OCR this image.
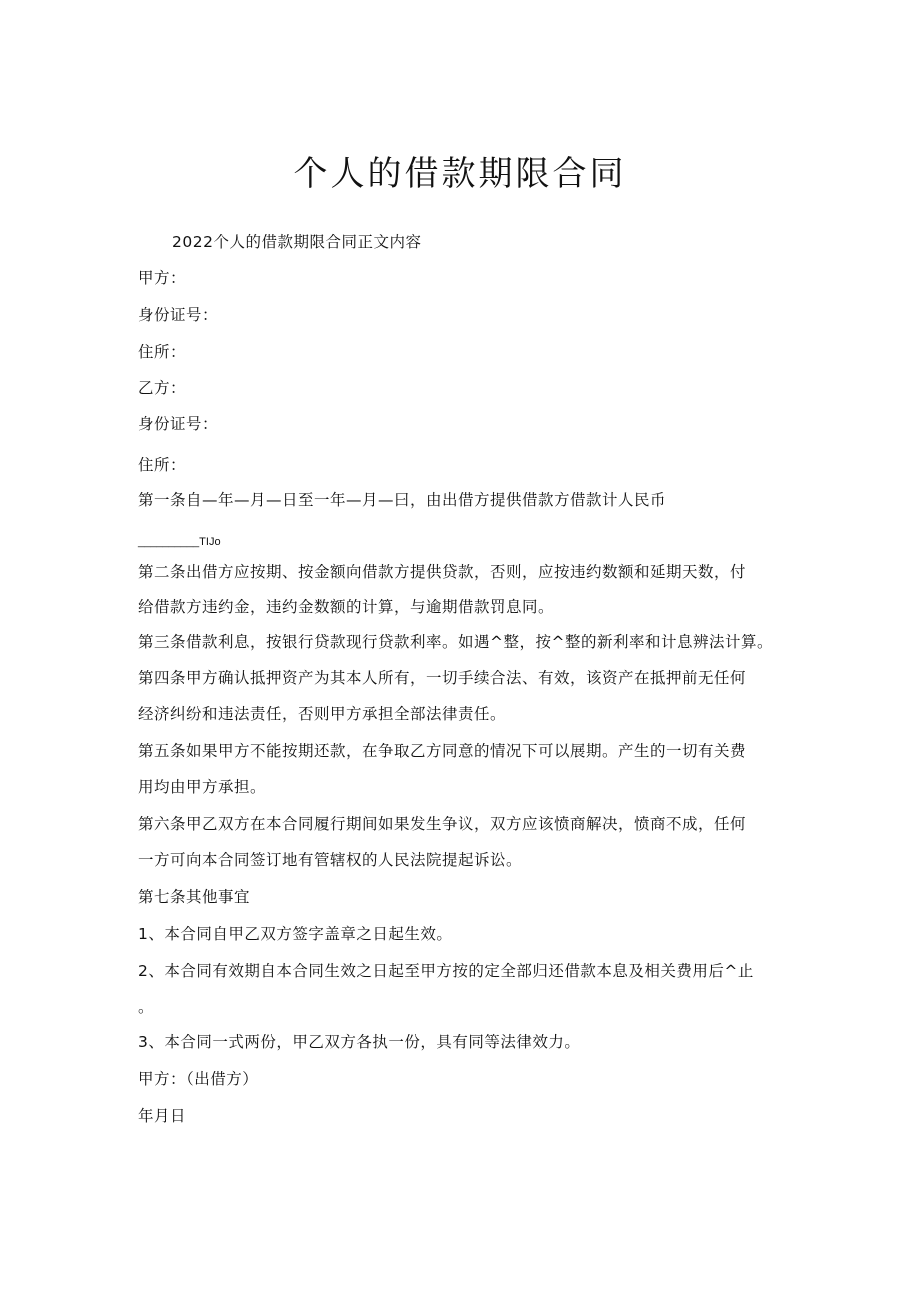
个人的借款期限合同
2022个人的借款期限合同正文内容
甲方：
身份证号：
住所：
乙方：
身份证号：
住所：
第一条自—年—月—日至一年—月—曰，由出借方提供借款方借款计人民币
__________TIJo
第二条出借方应按期、按金额向借款方提供贷款，否则，应按违约数额和延期天数，付
给借款方违约金，违约金数额的计算，与逾期借款罚息同。
第三条借款利息，按银行贷款现行贷款利率。如遇^整，按^整的新利率和计息辨法计算。
第四条甲方确认抵押资产为其本人所有，一切手续合法、有效，该资产在抵押前无任何
经济纠纷和违法责任，否则甲方承担全部法律责任。
第五条如果甲方不能按期还款，在争取乙方同意的情况下可以展期。产生的一切有关费
用均由甲方承担。
第六条甲乙双方在本合同履行期间如果发生争议，双方应该愤商解决，愤商不成，任何
一方可向本合同签订地有管辖权的人民法院提起诉讼。
第七条其他事宜
1、本合同自甲乙双方签字盖章之日起生效。
2、本合同有效期自本合同生效之日起至甲方按的定全部归还借款本息及相关费用后^止
。
3、本合同一式两份，甲乙双方各执一份，具有同等法律效力。
甲方：（出借方）
年月日
